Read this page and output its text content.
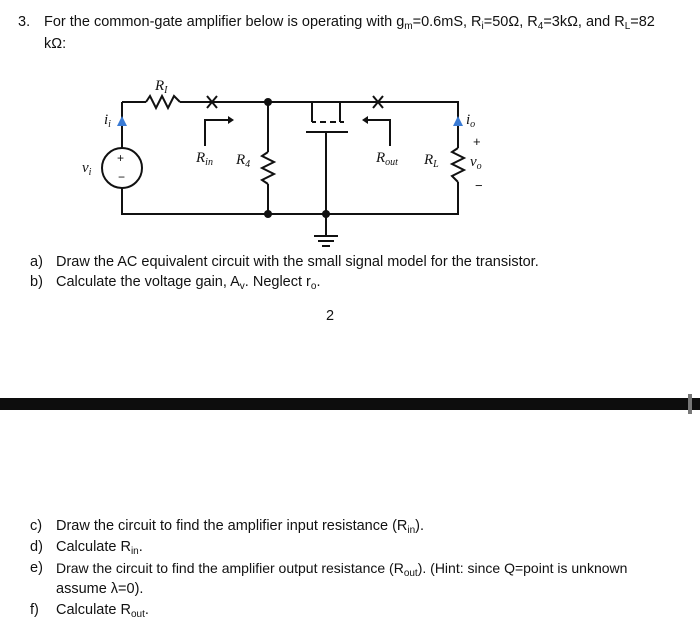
3. For the common-gate amplifier below is operating with $g_m=0.6mS$, $R_i=50\Omega$, $R_4=3k\Omega$, and $R_L=82$
kΩ:
+
−
$R_I$
$i_i$
$v_i$
$R_{in}$ $R_4$	$R_{out}$ $R_L$
$i_o$
$v_o$
+
−
a) Draw the AC equivalent circuit with the small signal model for the transistor.
b) Calculate the voltage gain, $A_v$. Neglect $r_o$.
2
c) Draw the circuit to find the amplifier input resistance $(R_{in})$.
d) Calculate $R_{in}$.
e) Draw the circuit to find the amplifier output resistance $(R_{out})$. (Hint: since Q=point is unknown
assume λ=0).
f) Calculate $R_{out}$.
